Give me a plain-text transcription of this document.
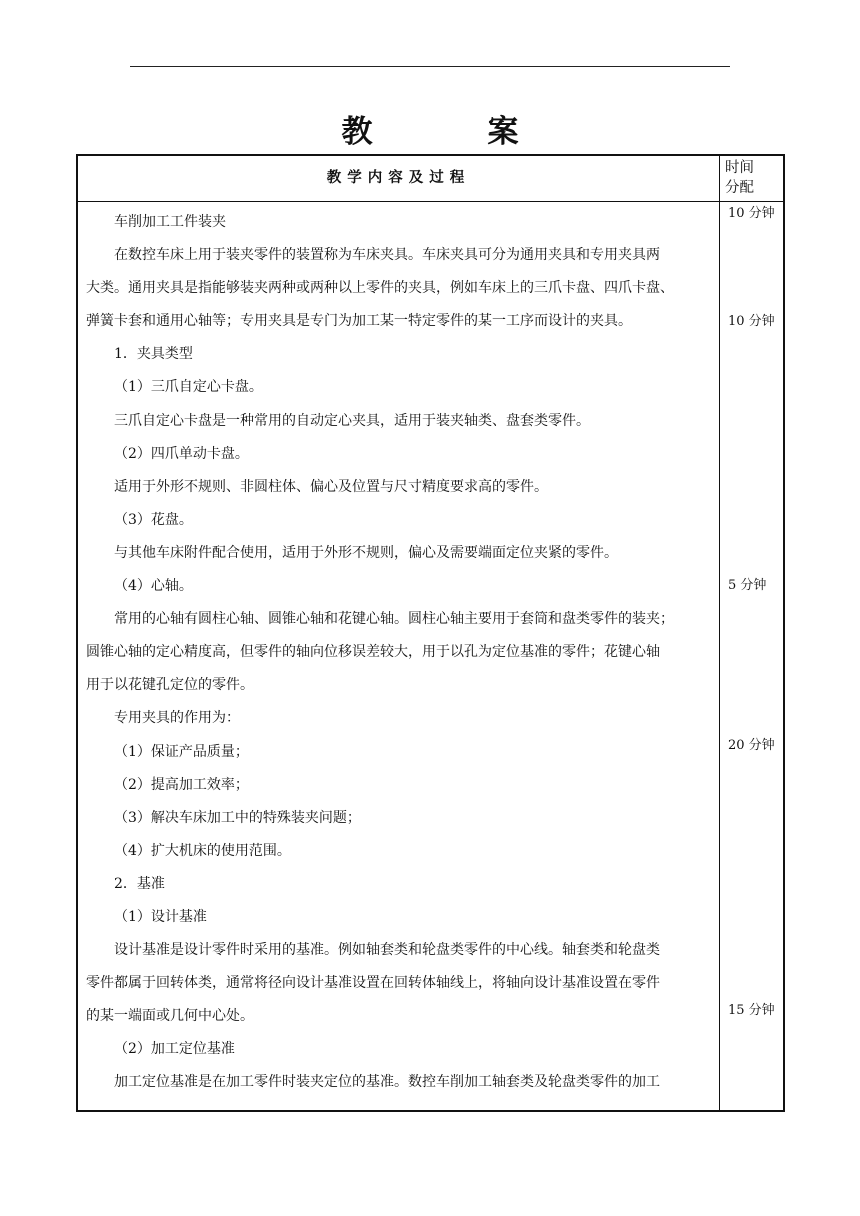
教　案
教学内容及过程
时间
分配

车削加工工件装夹

在数控车床上用于装夹零件的装置称为车床夹具。车床夹具可分为通用夹具和专用夹具两

大类。通用夹具是指能够装夹两种或两种以上零件的夹具，例如车床上的三爪卡盘、四爪卡盘、

弹簧卡套和通用心轴等；专用夹具是专门为加工某一特定零件的某一工序而设计的夹具。

1．夹具类型

（1）三爪自定心卡盘。

三爪自定心卡盘是一种常用的自动定心夹具，适用于装夹轴类、盘套类零件。

（2）四爪单动卡盘。

适用于外形不规则、非圆柱体、偏心及位置与尺寸精度要求高的零件。

（3）花盘。

与其他车床附件配合使用，适用于外形不规则，偏心及需要端面定位夹紧的零件。

（4）心轴。

常用的心轴有圆柱心轴、圆锥心轴和花键心轴。圆柱心轴主要用于套筒和盘类零件的装夹；

圆锥心轴的定心精度高，但零件的轴向位移误差较大，用于以孔为定位基准的零件；花键心轴

用于以花键孔定位的零件。

专用夹具的作用为：

（1）保证产品质量；

（2）提高加工效率；

（3）解决车床加工中的特殊装夹问题；

（4）扩大机床的使用范围。

2．基准

（1）设计基准

设计基准是设计零件时采用的基准。例如轴套类和轮盘类零件的中心线。轴套类和轮盘类

零件都属于回转体类，通常将径向设计基准设置在回转体轴线上，将轴向设计基准设置在零件

的某一端面或几何中心处。

（2）加工定位基准

加工定位基准是在加工零件时装夹定位的基准。数控车削加工轴套类及轮盘类零件的加工

10 分钟
10 分钟
5 分钟
20 分钟
15 分钟
